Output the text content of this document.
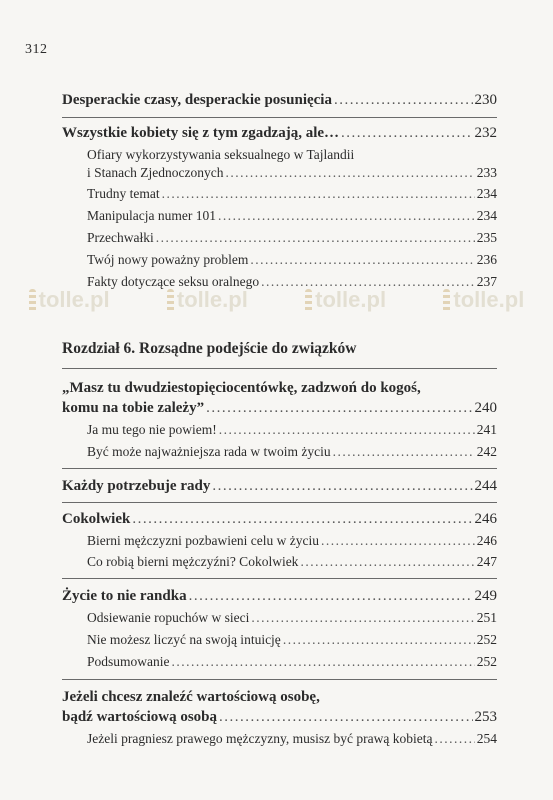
tolle.pl	tolle.pl	tolle.pl	tolle.pl
312
Desperackie czasy, desperackie posunięcia .....	230
Wszystkie kobiety się z tym zgadzają, ale… .....	232
Ofiary wykorzystywania seksualnego w Tajlandii
i Stanach Zjednoczonych .....	233
Trudny temat .....	234
Manipulacja numer 101 .....	234
Przechwałki .....	235
Twój nowy poważny problem .....	236
Fakty dotyczące seksu oralnego .....	237
Rozdział 6. Rozsądne podejście do związków
„Masz tu dwudziestopięciocentówkę, zadzwoń do kogoś,
komu na tobie zależy” .....	240
Ja mu tego nie powiem! .....	241
Być może najważniejsza rada w twoim życiu .....	242
Każdy potrzebuje rady .....	244
Cokolwiek .....	246
Bierni mężczyzni pozbawieni celu w życiu .....	246
Co robią bierni mężczyźni? Cokolwiek .....	247
Życie to nie randka .....	249
Odsiewanie ropuchów w sieci .....	251
Nie możesz liczyć na swoją intuicję .....	252
Podsumowanie .....	252
Jeżeli chcesz znaleźć wartościową osobę,
bądź wartościową osobą .....	253
Jeżeli pragniesz prawego mężczyzny, musisz być prawą kobietą .....	254
